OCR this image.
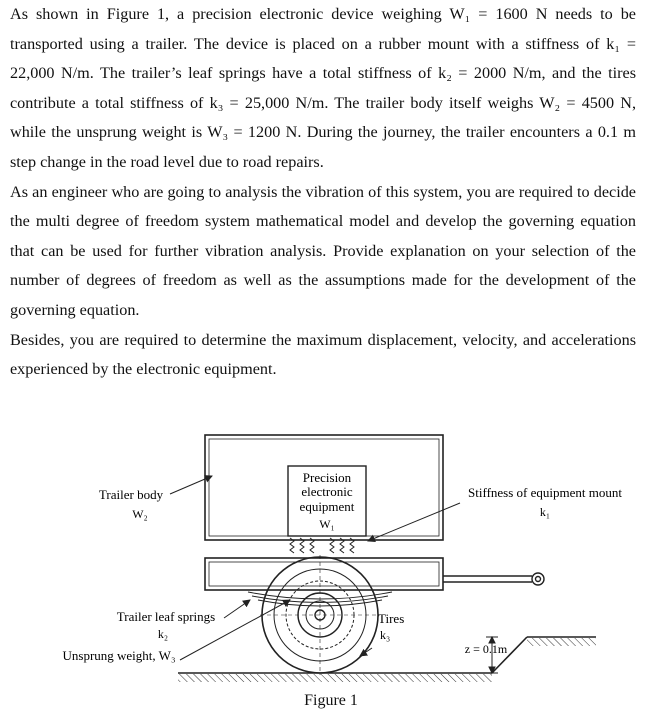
As shown in Figure 1, a precision electronic device weighing W₁ = 1600 N needs to be transported using a trailer. The device is placed on a rubber mount with a stiffness of k₁ = 22,000 N/m. The trailer’s leaf springs have a total stiffness of k₂ = 2000 N/m, and the tires contribute a total stiffness of k₃ = 25,000 N/m. The trailer body itself weighs W₂ = 4500 N, while the unsprung weight is W₃ = 1200 N. During the journey, the trailer encounters a 0.1 m step change in the road level due to road repairs.

As an engineer who are going to analysis the vibration of this system, you are required to decide the multi degree of freedom system mathematical model and develop the governing equation that can be used for further vibration analysis. Provide explanation on your selection of the number of degrees of freedom as well as the assumptions made for the development of the governing equation.

Besides, you are required to determine the maximum displacement, velocity, and accelerations experienced by the electronic equipment.

Trailer body
W₂
Precision
electronic
equipment
W₁
Stiffness of equipment mount
k₁
Trailer leaf springs
k₂
Unsprung weight, W₃
Tires
k₃
z = 0.1m
Figure 1
